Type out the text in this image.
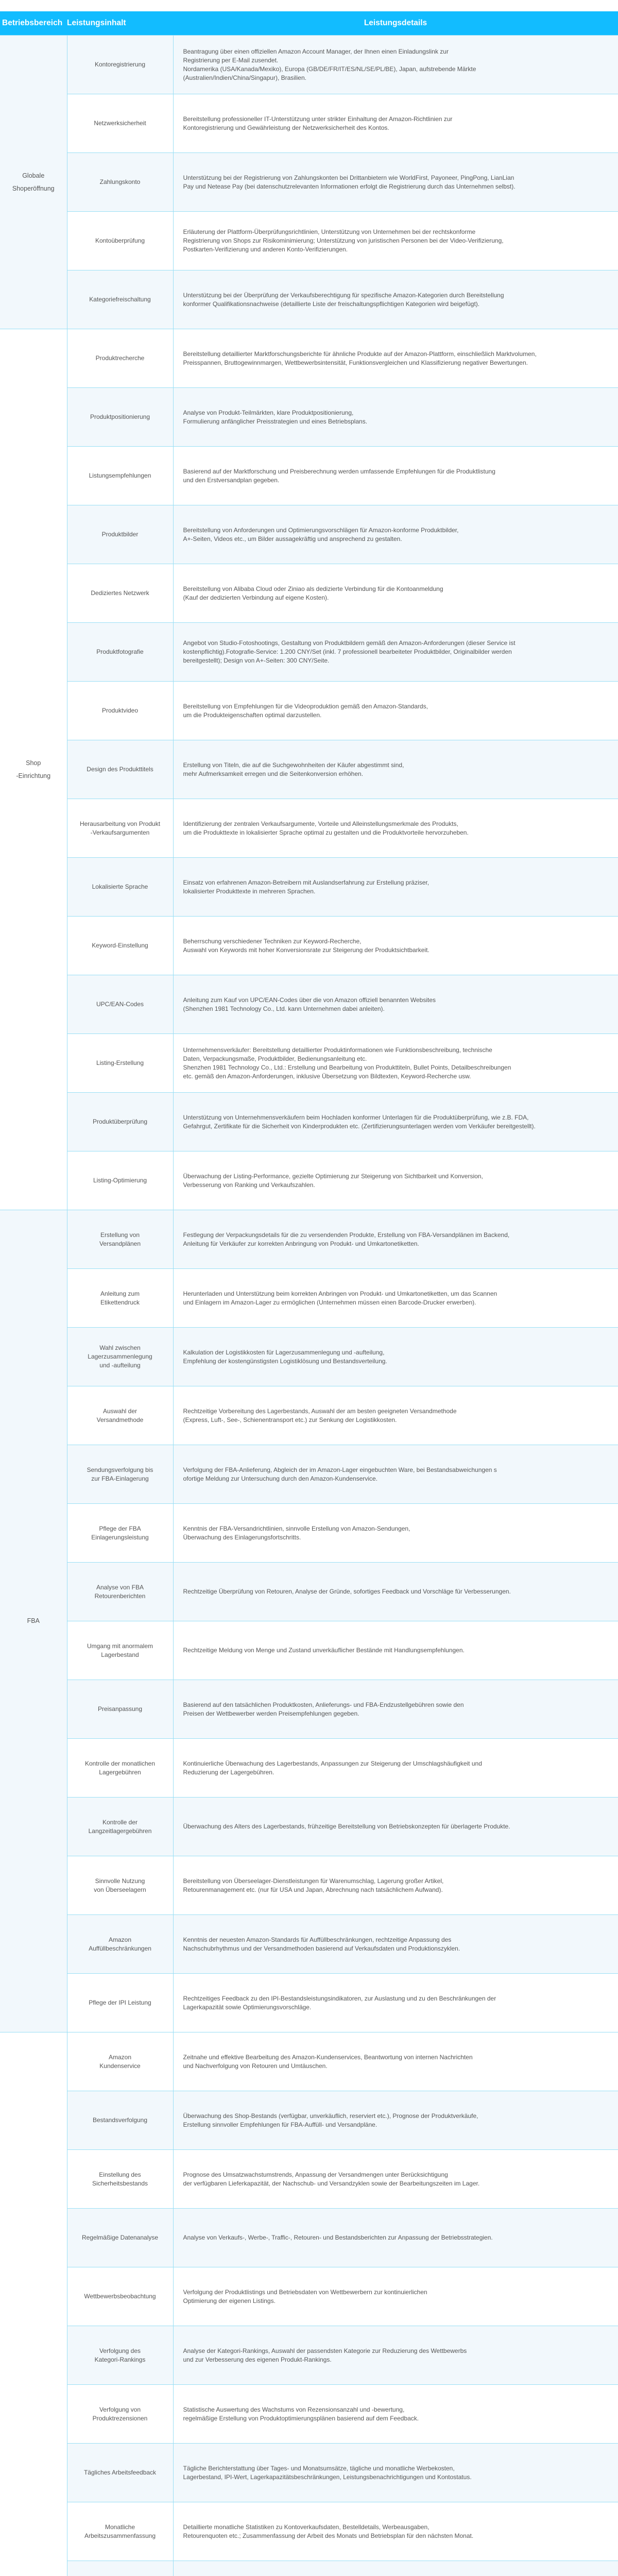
Betriebsbereich	Leistungsinhalt	Leistungsdetails
Globale
Shoperöffnung	Kontoregistrierung	Beantragung über einen offiziellen Amazon Account Manager, der Ihnen einen Einladungslink zur
Registrierung per E-Mail zusendet.
Nordamerika (USA/Kanada/Mexiko), Europa (GB/DE/FR/IT/ES/NL/SE/PL/BE), Japan, aufstrebende Märkte
(Australien/Indien/China/Singapur), Brasilien.
	Netzwerksicherheit	Bereitstellung professioneller IT-Unterstützung unter strikter Einhaltung der Amazon-Richtlinien zur
Kontoregistrierung und Gewährleistung der Netzwerksicherheit des Kontos.
	Zahlungskonto	Unterstützung bei der Registrierung von Zahlungskonten bei Drittanbietern wie WorldFirst, Payoneer, PingPong, LianLian
Pay und Netease Pay (bei datenschutzrelevanten Informationen erfolgt die Registrierung durch das Unternehmen selbst).
	Kontoüberprüfung	Erläuterung der Plattform-Überprüfungsrichtlinien, Unterstützung von Unternehmen bei der rechtskonforme
Registrierung von Shops zur Risikominimierung; Unterstützung von juristischen Personen bei der Video-Verifizierung,
Postkarten-Verifizierung und anderen Konto-Verifizierungen.
	Kategoriefreischaltung	Unterstützung bei der Überprüfung der Verkaufsberechtigung für spezifische Amazon-Kategorien durch Bereitstellung
konformer Qualifikationsnachweise (detaillierte Liste der freischaltungspflichtigen Kategorien wird beigefügt).
Shop
-Einrichtung	Produktrecherche	Bereitstellung detaillierter Marktforschungsberichte für ähnliche Produkte auf der Amazon-Plattform, einschließlich Marktvolumen,
Preisspannen, Bruttogewinnmargen, Wettbewerbsintensität, Funktionsvergleichen und Klassifizierung negativer Bewertungen.
	Produktpositionierung	Analyse von Produkt-Teilmärkten, klare Produktpositionierung,
Formulierung anfänglicher Preisstrategien und eines Betriebsplans.
	Listungsempfehlungen	Basierend auf der Marktforschung und Preisberechnung werden umfassende Empfehlungen für die Produktlistung
und den Erstversandplan gegeben.
	Produktbilder	Bereitstellung von Anforderungen und Optimierungsvorschlägen für Amazon-konforme Produktbilder,
A+-Seiten, Videos etc., um Bilder aussagekräftig und ansprechend zu gestalten.
	Dediziertes Netzwerk	Bereitstellung von Alibaba Cloud oder Ziniao als dedizierte Verbindung für die Kontoanmeldung
(Kauf der dedizierten Verbindung auf eigene Kosten).
	Produktfotografie	Angebot von Studio-Fotoshootings, Gestaltung von Produktbildern gemäß den Amazon-Anforderungen (dieser Service ist
kostenpflichtig).Fotografie-Service: 1.200 CNY/Set (inkl. 7 professionell bearbeiteter Produktbilder, Originalbilder werden
bereitgestellt); Design von A+-Seiten: 300 CNY/Seite.
	Produktvideo	Bereitstellung von Empfehlungen für die Videoproduktion gemäß den Amazon-Standards,
um die Produkteigenschaften optimal darzustellen.
	Design des Produkttitels	Erstellung von Titeln, die auf die Suchgewohnheiten der Käufer abgestimmt sind,
mehr Aufmerksamkeit erregen und die Seitenkonversion erhöhen.
	Herausarbeitung von Produkt
-Verkaufsargumenten	Identifizierung der zentralen Verkaufsargumente, Vorteile und Alleinstellungsmerkmale des Produkts,
um die Produkttexte in lokalisierter Sprache optimal zu gestalten und die Produktvorteile hervorzuheben.
	Lokalisierte Sprache	Einsatz von erfahrenen Amazon-Betreibern mit Auslandserfahrung zur Erstellung präziser,
lokalisierter Produkttexte in mehreren Sprachen.
	Keyword-Einstellung	Beherrschung verschiedener Techniken zur Keyword-Recherche,
Auswahl von Keywords mit hoher Konversionsrate zur Steigerung der Produktsichtbarkeit.
	UPC/EAN-Codes	Anleitung zum Kauf von UPC/EAN-Codes über die von Amazon offiziell benannten Websites
(Shenzhen 1981 Technology Co., Ltd. kann Unternehmen dabei anleiten).
	Listing-Erstellung	Unternehmensverkäufer: Bereitstellung detaillierter Produktinformationen wie Funktionsbeschreibung, technische
Daten, Verpackungsmaße, Produktbilder, Bedienungsanleitung etc.
Shenzhen 1981 Technology Co., Ltd.: Erstellung und Bearbeitung von Produkttiteln, Bullet Points, Detailbeschreibungen
etc. gemäß den Amazon-Anforderungen, inklusive Übersetzung von Bildtexten, Keyword-Recherche usw.
	Produktüberprüfung	Unterstützung von Unternehmensverkäufern beim Hochladen konformer Unterlagen für die Produktüberprüfung, wie z.B. FDA,
Gefahrgut, Zertifikate für die Sicherheit von Kinderprodukten etc. (Zertifizierungsunterlagen werden vom Verkäufer bereitgestellt).
	Listing-Optimierung	Überwachung der Listing-Performance, gezielte Optimierung zur Steigerung von Sichtbarkeit und Konversion,
Verbesserung von Ranking und Verkaufszahlen.
FBA	Erstellung von
Versandplänen	Festlegung der Verpackungsdetails für die zu versendenden Produkte, Erstellung von FBA-Versandplänen im Backend,
Anleitung für Verkäufer zur korrekten Anbringung von Produkt- und Umkartonetiketten.
	Anleitung zum
Etikettendruck	Herunterladen und Unterstützung beim korrekten Anbringen von Produkt- und Umkartonetiketten, um das Scannen
und Einlagern im Amazon-Lager zu ermöglichen (Unternehmen müssen einen Barcode-Drucker erwerben).
	Wahl zwischen
Lagerzusammenlegung
und -aufteilung	Kalkulation der Logistikkosten für Lagerzusammenlegung und -aufteilung,
Empfehlung der kostengünstigsten Logistiklösung und Bestandsverteilung.
	Auswahl der
Versandmethode	Rechtzeitige Vorbereitung des Lagerbestands, Auswahl der am besten geeigneten Versandmethode
(Express, Luft-, See-, Schienentransport etc.) zur Senkung der Logistikkosten.
	Sendungsverfolgung bis
zur FBA-Einlagerung	Verfolgung der FBA-Anlieferung, Abgleich der im Amazon-Lager eingebuchten Ware, bei Bestandsabweichungen s
ofortige Meldung zur Untersuchung durch den Amazon-Kundenservice.
	Pflege der FBA
Einlagerungsleistung	Kenntnis der FBA-Versandrichtlinien, sinnvolle Erstellung von Amazon-Sendungen,
Überwachung des Einlagerungsfortschritts.
	Analyse von FBA
Retourenberichten	Rechtzeitige Überprüfung von Retouren, Analyse der Gründe, sofortiges Feedback und Vorschläge für Verbesserungen.
	Umgang mit anormalem
Lagerbestand	Rechtzeitige Meldung von Menge und Zustand unverkäuflicher Bestände mit Handlungsempfehlungen.
	Preisanpassung	Basierend auf den tatsächlichen Produktkosten, Anlieferungs- und FBA-Endzustellgebühren sowie den
Preisen der Wettbewerber werden Preisempfehlungen gegeben.
	Kontrolle der monatlichen
Lagergebühren	Kontinuierliche Überwachung des Lagerbestands, Anpassungen zur Steigerung der Umschlagshäufigkeit und
Reduzierung der Lagergebühren.
	Kontrolle der
Langzeitlagergebühren	Überwachung des Alters des Lagerbestands, frühzeitige Bereitstellung von Betriebskonzepten für überlagerte Produkte.
	Sinnvolle Nutzung
von Überseelagern	Bereitstellung von Überseelager-Dienstleistungen für Warenumschlag, Lagerung großer Artikel,
Retourenmanagement etc. (nur für USA und Japan, Abrechnung nach tatsächlichem Aufwand).
	Amazon
Auffüllbeschränkungen	Kenntnis der neuesten Amazon-Standards für Auffüllbeschränkungen, rechtzeitige Anpassung des
Nachschubrhythmus und der Versandmethoden basierend auf Verkaufsdaten und Produktionszyklen.
	Pflege der IPI Leistung	Rechtzeitiges Feedback zu den IPI-Bestandsleistungsindikatoren, zur Auslastung und zu den Beschränkungen der
Lagerkapazität sowie Optimierungsvorschläge.
	Amazon
Kundenservice	Zeitnahe und effektive Bearbeitung des Amazon-Kundenservices, Beantwortung von internen Nachrichten
und Nachverfolgung von Retouren und Umtäuschen.
	Bestandsverfolgung	Überwachung des Shop-Bestands (verfügbar, unverkäuflich, reserviert etc.), Prognose der Produktverkäufe,
Erstellung sinnvoller Empfehlungen für FBA-Auffüll- und Versandpläne.
	Einstellung des
Sicherheitsbestands	Prognose des Umsatzwachstumstrends, Anpassung der Versandmengen unter Berücksichtigung
der verfügbaren Lieferkapazität, der Nachschub- und Versandzyklen sowie der Bearbeitungszeiten im Lager.
	Regelmäßige Datenanalyse	Analyse von Verkaufs-, Werbe-, Traffic-, Retouren- und Bestandsberichten zur Anpassung der Betriebsstrategien.
	Wettbewerbsbeobachtung	Verfolgung der Produktlistings und Betriebsdaten von Wettbewerbern zur kontinuierlichen
Optimierung der eigenen Listings.
	Verfolgung des
Kategori-Rankings	Analyse der Kategori-Rankings, Auswahl der passendsten Kategorie zur Reduzierung des Wettbewerbs
und zur Verbesserung des eigenen Produkt-Rankings.
	Verfolgung von
Produktrezensionen	Statistische Auswertung des Wachstums von Rezensionsanzahl und -bewertung,
regelmäßige Erstellung von Produktoptimierungsplänen basierend auf dem Feedback.
	Tägliches Arbeitsfeedback	Tägliche Berichterstattung über Tages- und Monatsumsätze, tägliche und monatliche Werbekosten,
Lagerbestand, IPI-Wert, Lagerkapazitätsbeschränkungen, Leistungsbenachrichtigungen und Kontostatus.
	Monatliche
Arbeitszusammenfassung	Detaillierte monatliche Statistiken zu Kontoverkaufsdaten, Bestelldetails, Werbeausgaben,
Retourenquoten etc.; Zusammenfassung der Arbeit des Monats und Betriebsplan für den nächsten Monat.
